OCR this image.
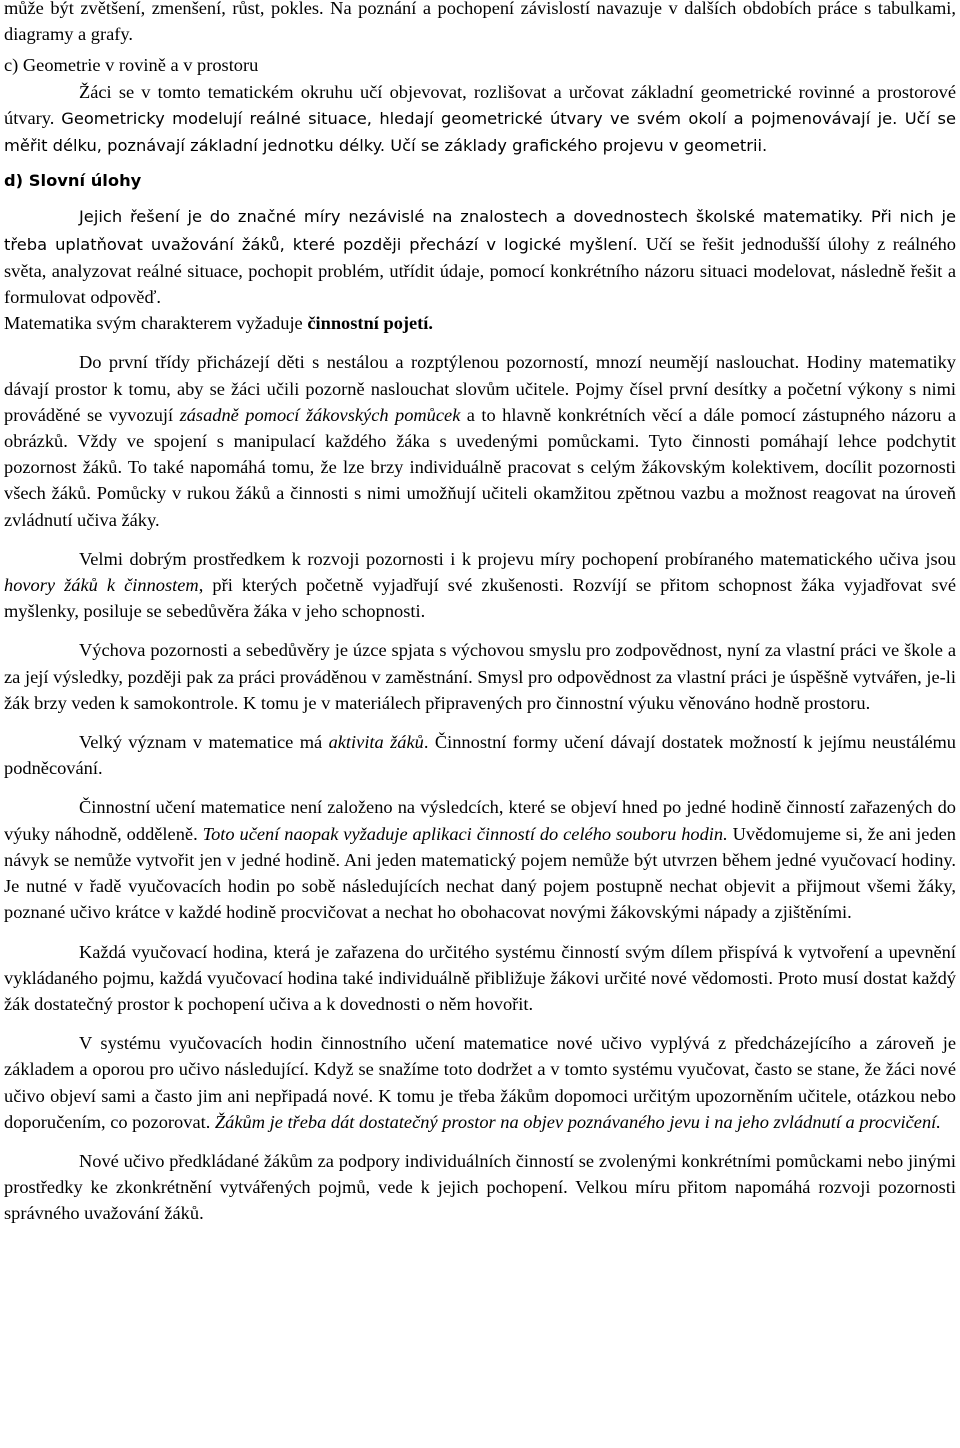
může být zvětšení, zmenšení, růst, pokles. Na poznání a pochopení závislostí navazuje v dalších obdobích práce s tabulkami, diagramy a grafy.

c) Geometrie v rovině a v prostoru

Žáci se v tomto tematickém okruhu učí objevovat, rozlišovat a určovat základní geometrické rovinné a prostorové útvary. Geometricky modelují reálné situace, hledají geometrické útvary ve svém okolí a pojmenovávají je. Učí se měřit délku, poznávají základní jednotku délky. Učí se základy grafického projevu v geometrii.

d) Slovní úlohy

Jejich řešení je do značné míry nezávislé na znalostech a dovednostech školské matematiky. Při nich je třeba uplatňovat uvažování žáků, které později přechází v logické myšlení. Učí se řešit jednodušší úlohy z reálného světa, analyzovat reálné situace, pochopit problém, utřídit údaje, pomocí konkrétního názoru situaci modelovat, následně řešit a formulovat odpověď.

Matematika svým charakterem vyžaduje činnostní pojetí.

Do první třídy přicházejí děti s nestálou a rozptýlenou pozorností, mnozí neumějí naslouchat. Hodiny matematiky dávají prostor k tomu, aby se žáci učili pozorně naslouchat slovům učitele. Pojmy čísel první desítky a početní výkony s nimi prováděné se vyvozují zásadně pomocí žákovských pomůcek a to hlavně konkrétních věcí a dále pomocí zástupného názoru a obrázků. Vždy ve spojení s manipulací každého žáka s uvedenými pomůckami. Tyto činnosti pomáhají lehce podchytit pozornost žáků. To také napomáhá tomu, že lze brzy individuálně pracovat s celým žákovským kolektivem, docílit pozornosti všech žáků. Pomůcky v rukou žáků a činnosti s nimi umožňují učiteli okamžitou zpětnou vazbu a možnost reagovat na úroveň zvládnutí učiva žáky.

Velmi dobrým prostředkem k rozvoji pozornosti i k projevu míry pochopení probíraného matematického učiva jsou hovory žáků k činnostem, při kterých početně vyjadřují své zkušenosti. Rozvíjí se přitom schopnost žáka vyjadřovat své myšlenky, posiluje se sebedůvěra žáka v jeho schopnosti.

Výchova pozornosti a sebedůvěry je úzce spjata s výchovou smyslu pro zodpovědnost, nyní za vlastní práci ve škole a za její výsledky, později pak za práci prováděnou v zaměstnání. Smysl pro odpovědnost za vlastní práci je úspěšně vytvářen, je-li žák brzy veden k samokontrole. K tomu je v materiálech připravených pro činnostní výuku věnováno hodně prostoru.

Velký význam v matematice má aktivita žáků. Činnostní formy učení dávají dostatek možností k jejímu neustálému podněcování.

Činnostní učení matematice není založeno na výsledcích, které se objeví hned po jedné hodině činností zařazených do výuky náhodně, odděleně. Toto učení naopak vyžaduje aplikaci činností do celého souboru hodin. Uvědomujeme si, že ani jeden návyk se nemůže vytvořit jen v jedné hodině. Ani jeden matematický pojem nemůže být utvrzen během jedné vyučovací hodiny. Je nutné v řadě vyučovacích hodin po sobě následujících nechat daný pojem postupně nechat objevit a přijmout všemi žáky, poznané učivo krátce v každé hodině procvičovat a nechat ho obohacovat novými žákovskými nápady a zjištěními.

Každá vyučovací hodina, která je zařazena do určitého systému činností svým dílem přispívá k vytvoření a upevnění vykládaného pojmu, každá vyučovací hodina také individuálně přibližuje žákovi určité nové vědomosti. Proto musí dostat každý žák dostatečný prostor k pochopení učiva a k dovednosti o něm hovořit.

V systému vyučovacích hodin činnostního učení matematice nové učivo vyplývá z předcházejícího a zároveň je základem a oporou pro učivo následující. Když se snažíme toto dodržet a v tomto systému vyučovat, často se stane, že žáci nové učivo objeví sami a často jim ani nepřipadá nové. K tomu je třeba žákům dopomoci určitým upozorněním učitele, otázkou nebo doporučením, co pozorovat. Žákům je třeba dát dostatečný prostor na objev poznávaného jevu i na jeho zvládnutí a procvičení.

Nové učivo předkládané žákům za podpory individuálních činností se zvolenými konkrétními pomůckami nebo jinými prostředky ke zkonkrétnění vytvářených pojmů, vede k jejich pochopení. Velkou míru přitom napomáhá rozvoji pozornosti správného uvažování žáků.
